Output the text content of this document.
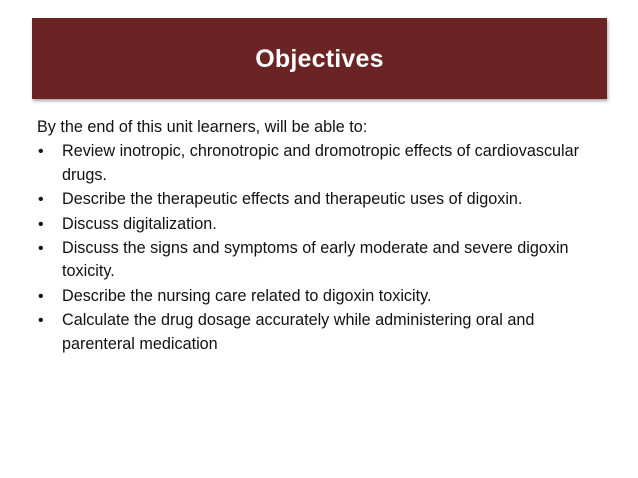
Objectives

By the end of this unit learners, will be able to:

• Review inotropic, chronotropic and dromotropic effects of cardiovascular drugs.
• Describe the therapeutic effects and therapeutic uses of digoxin.
• Discuss digitalization.
• Discuss the signs and symptoms of early moderate and severe digoxin toxicity.
• Describe the nursing care related to digoxin toxicity.
• Calculate the drug dosage accurately while administering oral and parenteral medication
